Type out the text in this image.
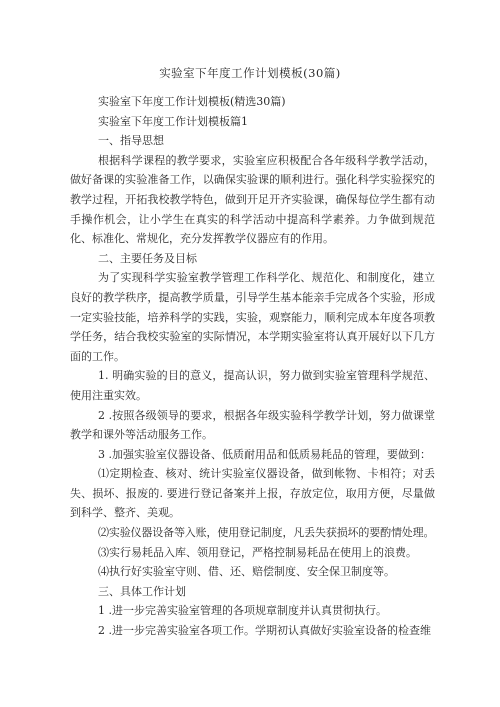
实验室下年度工作计划模板(30篇)

实验室下年度工作计划模板(精选30篇)

实验室下年度工作计划模板篇1

一、指导思想

根据科学课程的教学要求，实验室应积极配合各年级科学教学活动，做好备课的实验准备工作，以确保实验课的顺利进行。强化科学实验探究的教学过程，开拓我校教学特色，做到开足开齐实验课，确保每位学生都有动手操作机会，让小学生在真实的科学活动中提高科学素养。力争做到规范化、标准化、常规化，充分发挥教学仪器应有的作用。

二、主要任务及目标

为了实现科学实验室教学管理工作科学化、规范化、和制度化，建立良好的教学秩序，提高教学质量，引导学生基本能亲手完成各个实验，形成一定实验技能，培养科学的实践，实验，观察能力，顺利完成本年度各项教学任务，结合我校实验室的实际情况，本学期实验室将认真开展好以下几方面的工作。

1. 明确实验的目的意义，提高认识，努力做到实验室管理科学规范、使用注重实效。

2 .按照各级领导的要求，根据各年级实验科学教学计划，努力做课堂教学和课外等活动服务工作。

3 .加强实验室仪器设备、低质耐用品和低质易耗品的管理，要做到：

⑴定期检查、核对、统计实验室仪器设备，做到帐物、卡相符；对丢失、损坏、报废的. 要进行登记备案并上报，存放定位，取用方便，尽量做到科学、整齐、美观。

⑵实验仪器设备等入账，使用登记制度，凡丢失获损坏的要酌情处理。

⑶实行易耗品入库、领用登记，严格控制易耗品在使用上的浪费。

⑷执行好实验室守则、借、还、赔偿制度、安全保卫制度等。

三、具体工作计划

1 .进一步完善实验室管理的各项规章制度并认真贯彻执行。

2 .进一步完善实验室各项工作。学期初认真做好实验室设备的检查维
